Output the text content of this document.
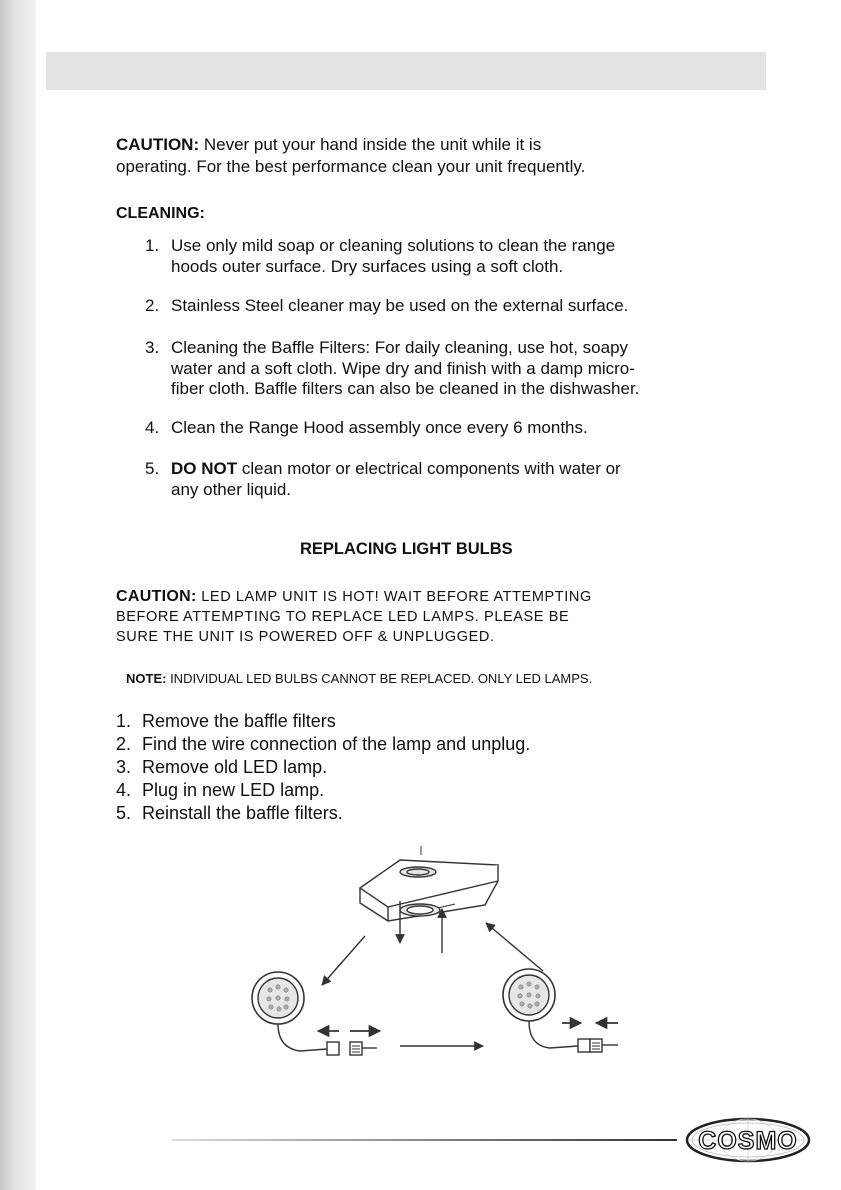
CAUTION: Never put your hand inside the unit while it is
operating. For the best performance clean your unit frequently.
CLEANING:
1. Use only mild soap or cleaning solutions to clean the range
hoods outer surface. Dry surfaces using a soft cloth.
2. Stainless Steel cleaner may be used on the external surface.
3. Cleaning the Baffle Filters: For daily cleaning, use hot, soapy
water and a soft cloth. Wipe dry and finish with a damp micro-
fiber cloth. Baffle filters can also be cleaned in the dishwasher.
4. Clean the Range Hood assembly once every 6 months.
5. DO NOT clean motor or electrical components with water or
any other liquid.
REPLACING LIGHT BULBS
CAUTION: LED LAMP UNIT IS HOT! WAIT BEFORE ATTEMPTING
BEFORE ATTEMPTING TO REPLACE LED LAMPS. PLEASE BE
SURE THE UNIT IS POWERED OFF & UNPLUGGED.
NOTE: INDIVIDUAL LED BULBS CANNOT BE REPLACED. ONLY LED LAMPS.
1. Remove the baffle filters
2. Find the wire connection of the lamp and unplug.
3. Remove old LED lamp.
4. Plug in new LED lamp.
5. Reinstall the baffle filters.
COSMO
